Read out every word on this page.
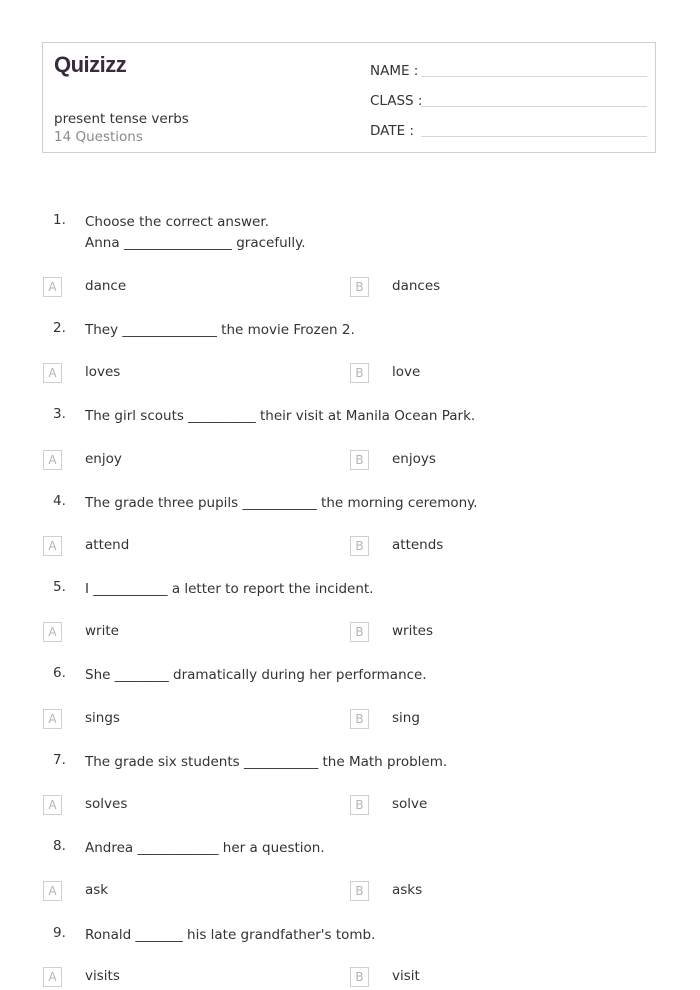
Quizizz
present tense verbs
14 Questions
NAME :
CLASS :
DATE :
1. Choose the correct answer.
Anna ________________ gracefully.
A	dance	B	dances
2. They ______________ the movie Frozen 2.
A	loves	B	love
3. The girl scouts __________ their visit at Manila Ocean Park.
A	enjoy	B	enjoys
4. The grade three pupils ___________ the morning ceremony.
A	attend	B	attends
5. I ___________ a letter to report the incident.
A	write	B	writes
6. She ________ dramatically during her performance.
A	sings	B	sing
7. The grade six students ___________ the Math problem.
A	solves	B	solve
8. Andrea ____________ her a question.
A	ask	B	asks
9. Ronald _______ his late grandfather's tomb.
A	visits	B	visit
